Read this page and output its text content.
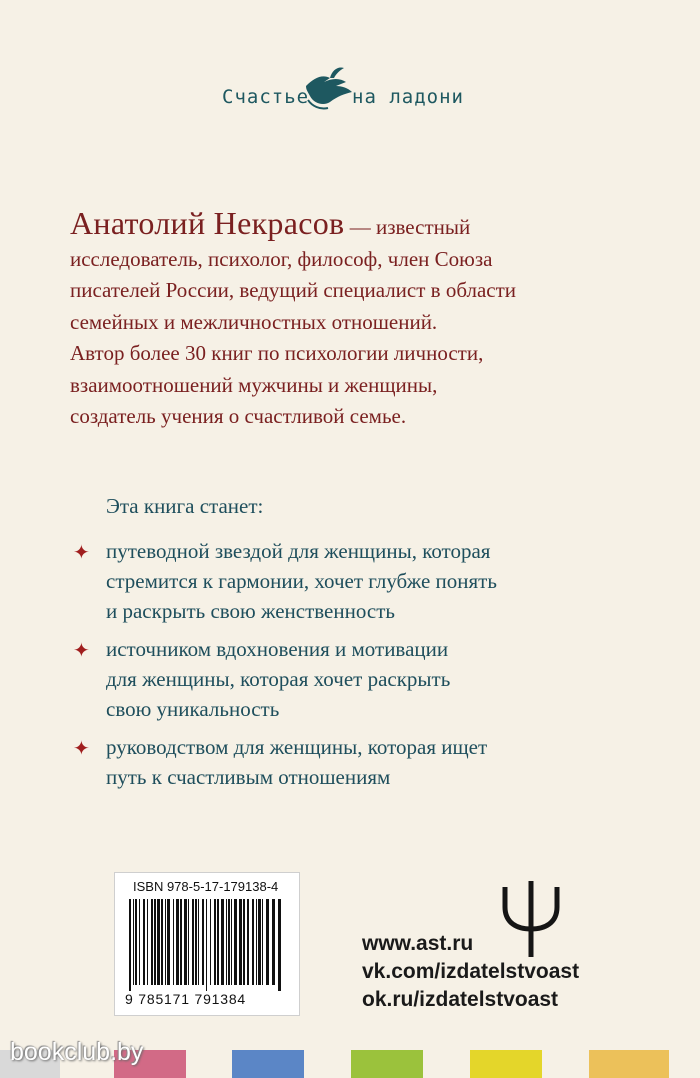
Счастье на ладони
Анатолий Некрасов — известный
исследователь, психолог, философ, член Союза
писателей России, ведущий специалист в области
семейных и межличностных отношений.
Автор более 30 книг по психологии личности,
взаимоотношений мужчины и женщины,
создатель учения о счастливой семье.
Эта книга станет:
✦ путеводной звездой для женщины, которая
стремится к гармонии, хочет глубже понять
и раскрыть свою женственность
✦ источником вдохновения и мотивации
для женщины, которая хочет раскрыть
свою уникальность
✦ руководством для женщины, которая ищет
путь к счастливым отношениям
ISBN 978-5-17-179138-4
9 785171 791384
www.ast.ru
vk.com/izdatelstvoast
ok.ru/izdatelstvoast
bookclub.by
